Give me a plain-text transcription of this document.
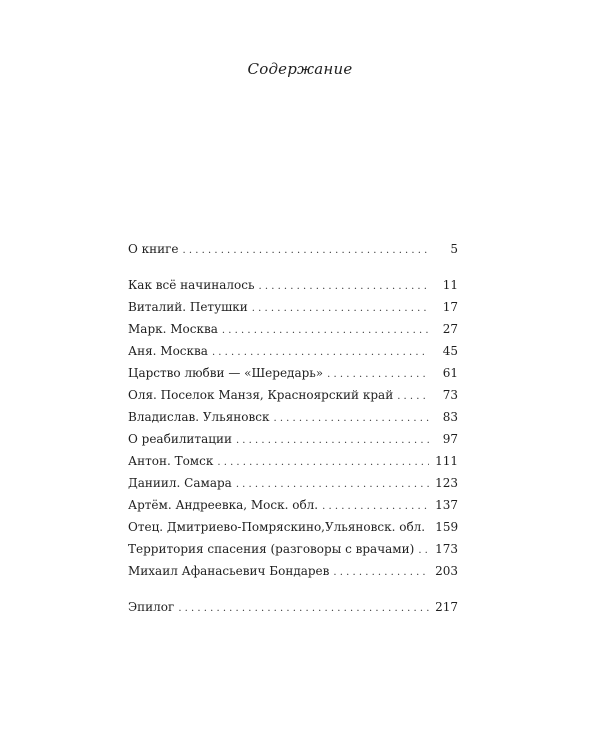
Содержание
О книге . . .	5
Как всё начиналось . . .	11
Виталий. Петушки . . .	17
Марк. Москва . . .	27
Аня. Москва . . .	45
Царство любви — «Шередарь» . . .	61
Оля. Поселок Манзя, Красноярский край . . .	73
Владислав. Ульяновск . . .	83
О реабилитации . . .	97
Антон. Томск . . .	111
Даниил. Самара . . .	123
Артём. Андреевка, Моск. обл. . . .	137
Отец. Дмитриево-Помряскино,Ульяновск. обл. 159
Территория спасения (разговоры с врачами) . . . 173
Михаил Афанасьевич Бондарев . . .	203
Эпилог . . .	217
